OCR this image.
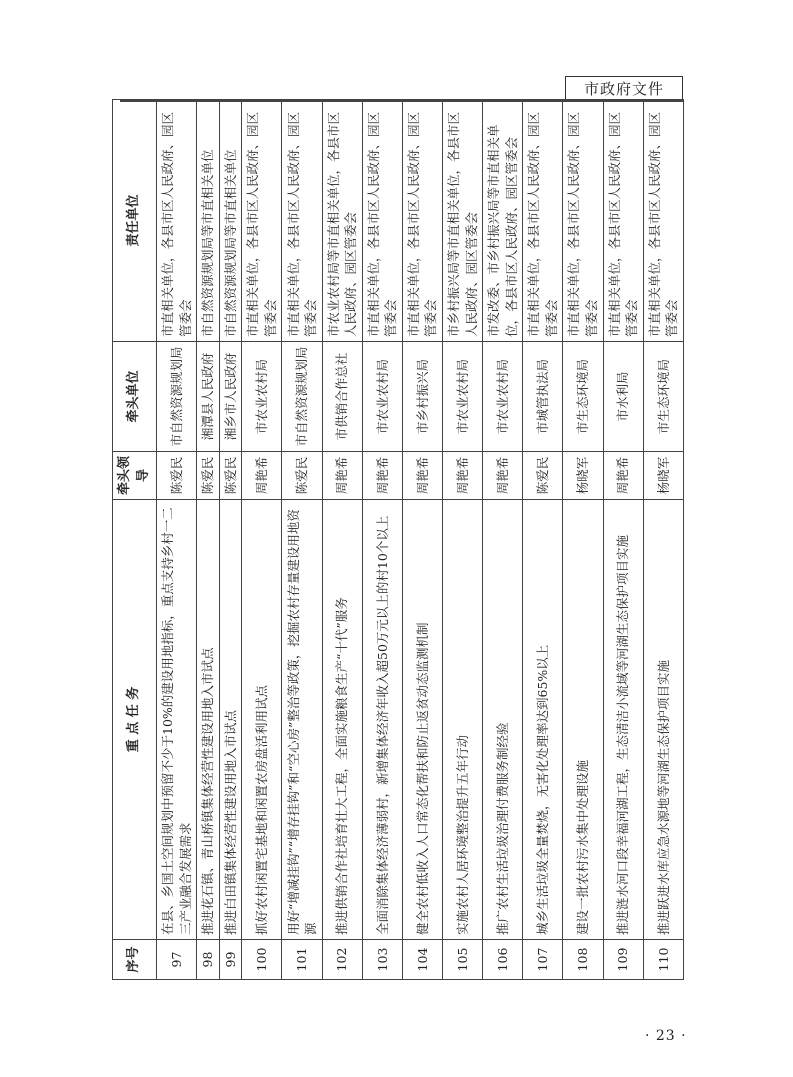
市政府文件
序号	重 点 任 务	牵头领导	牵头单位	责任单位
97	在县、乡国土空间规划中预留不少于10%的建设用地指标，重点支持乡村一二三产业融合发展需求	陈爱民	市自然资源规划局	市直相关单位，各县市区人民政府、园区管委会
98	推进花石镇、青山桥镇集体经营性建设用地入市试点	陈爱民	湘潭县人民政府	市自然资源规划局等市直相关单位
99	推进白田镇集体经营性建设用地入市试点	陈爱民	湘乡市人民政府	市自然资源规划局等市直相关单位
100	抓好农村闲置宅基地和闲置农房盘活利用试点	周艳希	市农业农村局	市直相关单位，各县市区人民政府、园区管委会
101	用好“增减挂钩”“增存挂钩”和“空心房”整治等政策，挖掘农村存量建设用地资源	陈爱民	市自然资源规划局	市直相关单位，各县市区人民政府、园区管委会
102	推进供销合作社培育壮大工程，全面实施粮食生产“十代”服务	周艳希	市供销合作总社	市农业农村局等市直相关单位，各县市区人民政府、园区管委会
103	全面消除集体经济薄弱村，新增集体经济年收入超50万元以上的村10个以上	周艳希	市农业农村局	市直相关单位，各县市区人民政府、园区管委会
104	健全农村低收入人口常态化帮扶和防止返贫动态监测机制	周艳希	市乡村振兴局	市直相关单位，各县市区人民政府、园区管委会
105	实施农村人居环境整治提升五年行动	周艳希	市农业农村局	市乡村振兴局等市直相关单位，各县市区人民政府、园区管委会
106	推广农村生活垃圾治理付费服务制经验	周艳希	市农业农村局	市发改委、市乡村振兴局等市直相关单位，各县市区人民政府、园区管委会
107	城乡生活垃圾全量焚烧，无害化处理率达到65%以上	陈爱民	市城管执法局	市直相关单位，各县市区人民政府、园区管委会
108	建设一批农村污水集中处理设施	杨晓军	市生态环境局	市直相关单位，各县市区人民政府、园区管委会
109	推进涟水河口段幸福河湖工程，生态清洁小流域等河湖生态保护项目实施	周艳希	市水利局	市直相关单位，各县市区人民政府、园区管委会
110	推进跃进水库应急水源地等河湖生态保护项目实施	杨晓军	市生态环境局	市直相关单位，各县市区人民政府、园区管委会
· 23 ·
